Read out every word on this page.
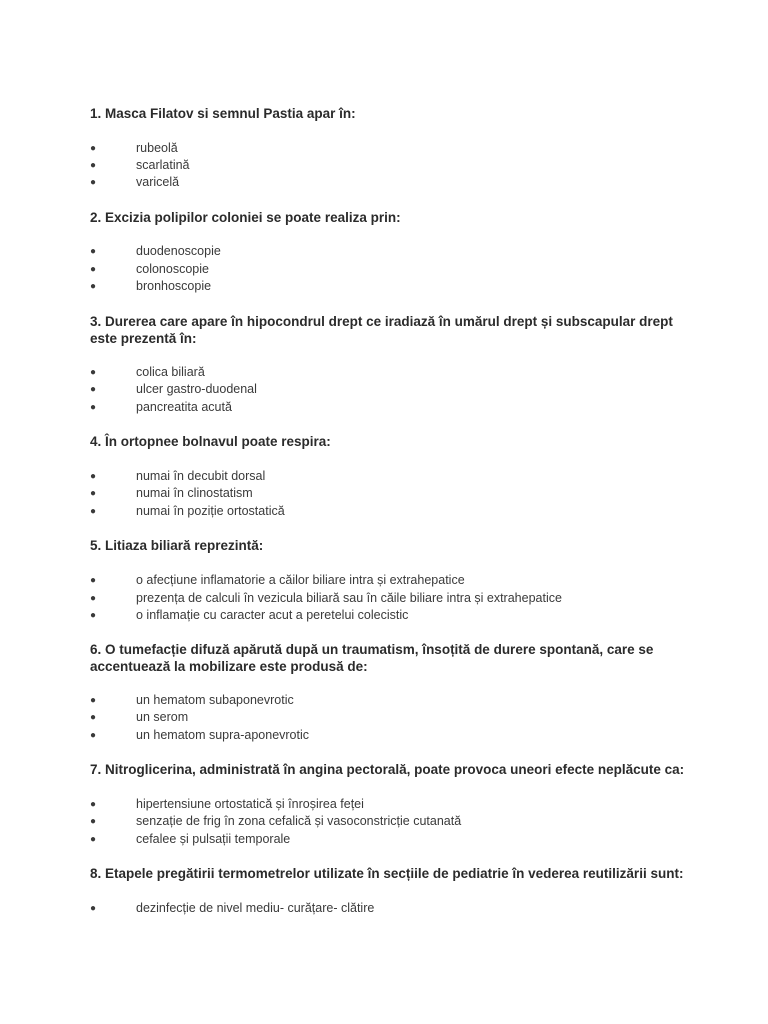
1. Masca Filatov si semnul Pastia apar în:
●	rubeolă
●	scarlatină
●	varicelă
2. Excizia polipilor coloniei se poate realiza prin:
●	duodenoscopie
●	colonoscopie
●	bronhoscopie
3. Durerea care apare în hipocondrul drept ce iradiază în umărul drept și subscapular drept este prezentă în:
●	colica biliară
●	ulcer gastro-duodenal
●	pancreatita acută
4. În ortopnee bolnavul poate respira:
●	numai în decubit dorsal
●	numai în clinostatism
●	numai în poziție ortostatică
5. Litiaza biliară reprezintă:
●	o afecțiune inflamatorie a căilor biliare intra și extrahepatice
●	prezența de calculi în vezicula biliară sau în căile biliare intra și extrahepatice
●	o inflamație cu caracter acut a peretelui colecistic
6. O tumefacție difuză apărută după un traumatism, însoțită de durere spontană, care se accentuează la mobilizare este produsă de:
●	un hematom subaponevrotic
●	un serom
●	un hematom supra-aponevrotic
7. Nitroglicerina, administrată în angina pectorală, poate provoca uneori efecte neplăcute ca:
●	hipertensiune ortostatică și înroșirea feței
●	senzație de frig în zona cefalică și vasoconstricție cutanată
●	cefalee și pulsații temporale
8. Etapele pregătirii termometrelor utilizate în secțiile de pediatrie în vederea reutilizării sunt:
●	dezinfecție de nivel mediu- curățare- clătire
